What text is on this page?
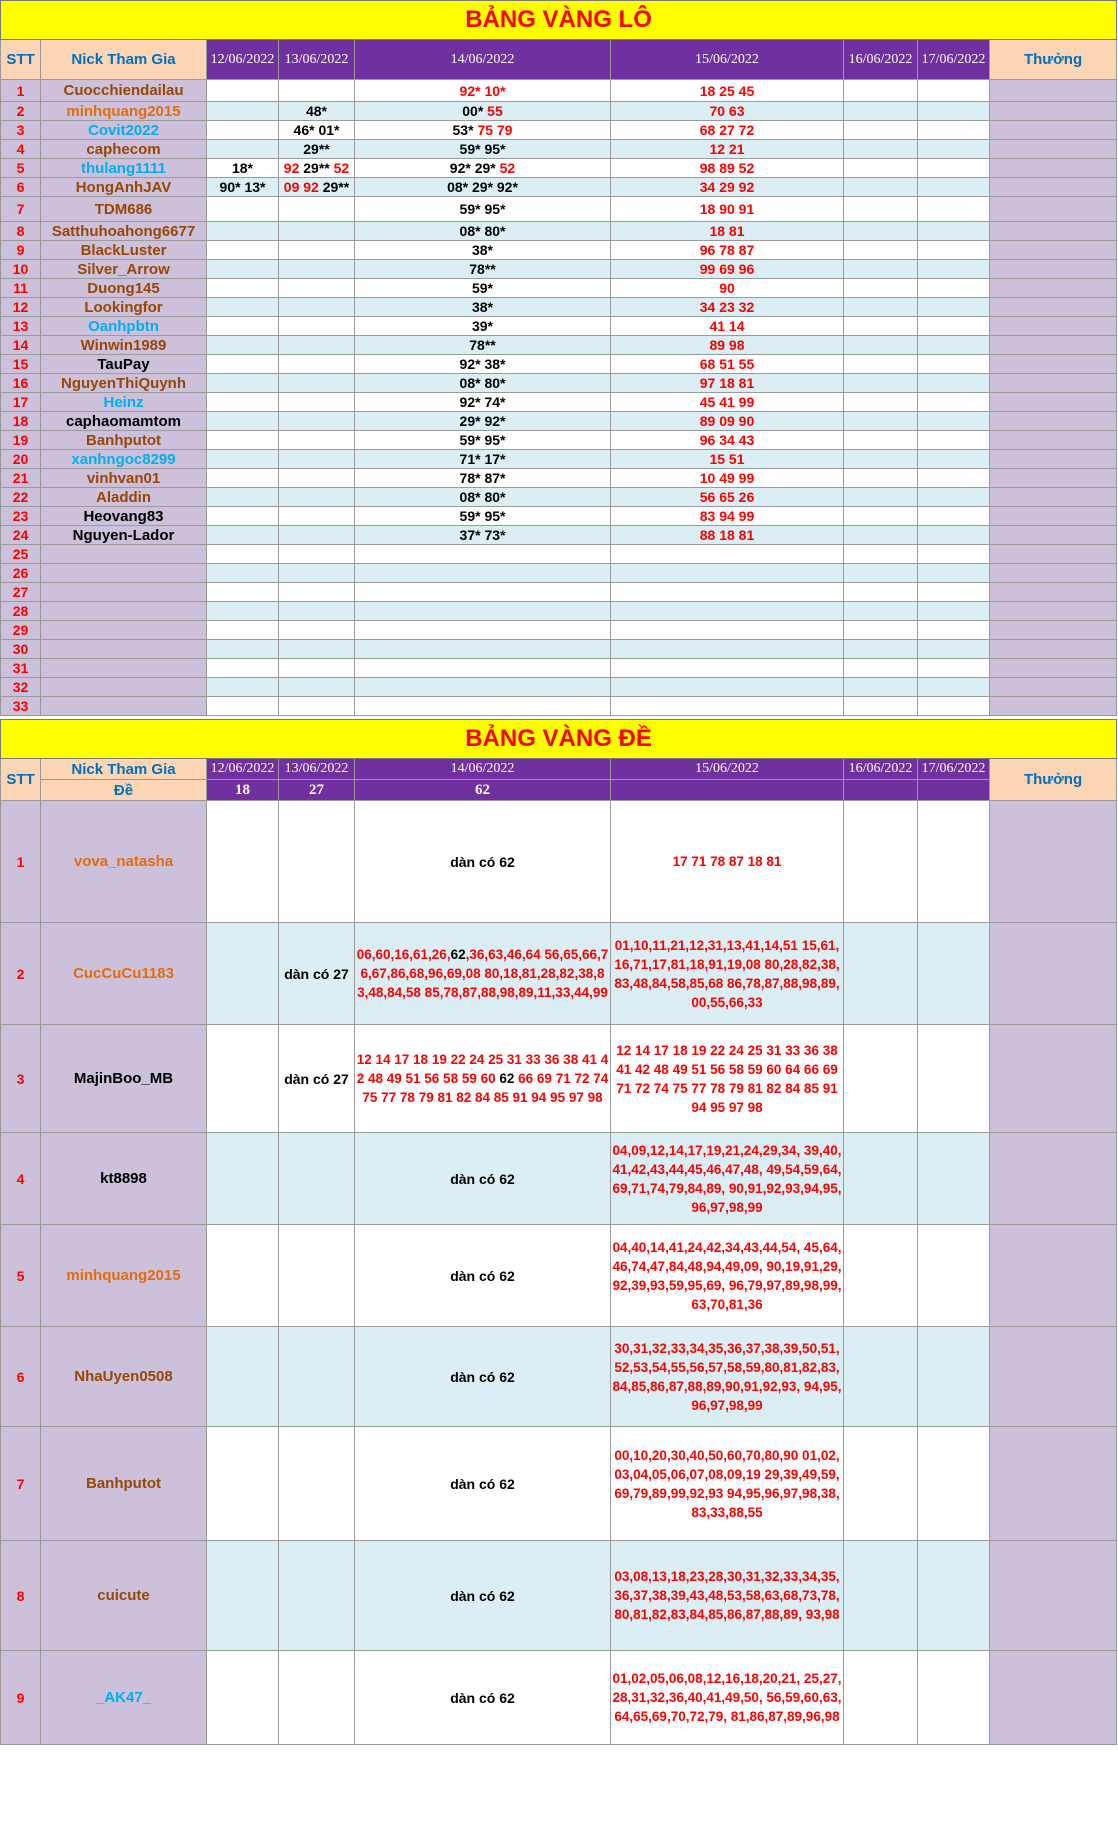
BẢNG VÀNG LÔ								
STT	Nick Tham Gia	12/06/2022	13/06/2022	14/06/2022	15/06/2022	16/06/2022	17/06/2022	Thưởng
1	Cuocchiendailau			92* 10*	18 25 45			
2	minhquang2015		48*	00* 55	70 63			
3	Covit2022		46* 01*	53* 75 79	68 27 72			
4	caphecom		29**	59* 95*	12 21			
5	thulang1111	18*	92 29** 52	92* 29* 52	98 89 52			
6	HongAnhJAV	90* 13*	09 92 29**	08* 29* 92*	34 29 92			
7	TDM686			59* 95*	18 90 91			
8	Satthuhoahong6677			08* 80*	18 81			
9	BlackLuster			38*	96 78 87			
10	Silver_Arrow			78**	99 69 96			
11	Duong145			59*	90			
12	Lookingfor			38*	34 23 32			
13	Oanhpbtn			39*	41 14			
14	Winwin1989			78**	89 98			
15	TauPay			92* 38*	68 51 55			
16	NguyenThiQuynh			08* 80*	97 18 81			
17	Heinz			92* 74*	45 41 99			
18	caphaomamtom			29* 92*	89 09 90			
19	Banhputot			59* 95*	96 34 43			
20	xanhngoc8299			71* 17*	15 51			
21	vinhvan01			78* 87*	10 49 99			
22	Aladdin			08* 80*	56 65 26			
23	Heovang83			59* 95*	83 94 99			
24	Nguyen-Lador			37* 73*	88 18 81			
25								
26								
27								
28								
29								
30								
31								
32								
33								
BẢNG VÀNG ĐỀ								
STT	Nick Tham Gia	12/06/2022	13/06/2022	14/06/2022	15/06/2022	16/06/2022	17/06/2022	Thưởng
	Đề	18	27	62				
1	vova_natasha			dàn có 62	17 71 78 87 18 81			
2	CucCuCu1183		dàn có 27	06,60,16,61,26,62,36,63,46,64 56,65,66,76,67,86,68,96,69,08 80,18,81,28,82,38,83,48,84,58 85,78,87,88,98,89,11,33,44,99	01,10,11,21,12,31,13,41,14,51 15,61,16,71,17,81,18,91,19,08 80,28,82,38,83,48,84,58,85,68 86,78,87,88,98,89,00,55,66,33			
3	MajinBoo_MB		dàn có 27	12 14 17 18 19 22 24 25 31 33 36 38 41 42 48 49 51 56 58 59 60 62 66 69 71 72 74 75 77 78 79 81 82 84 85 91 94 95 97 98	12 14 17 18 19 22 24 25 31 33 36 38 41 42 48 49 51 56 58 59 60 64 66 69 71 72 74 75 77 78 79 81 82 84 85 91 94 95 97 98			
4	kt8898			dàn có 62	04,09,12,14,17,19,21,24,29,34, 39,40,41,42,43,44,45,46,47,48, 49,54,59,64,69,71,74,79,84,89, 90,91,92,93,94,95,96,97,98,99			
5	minhquang2015			dàn có 62	04,40,14,41,24,42,34,43,44,54, 45,64,46,74,47,84,48,94,49,09, 90,19,91,29,92,39,93,59,95,69, 96,79,97,89,98,99,63,70,81,36			
6	NhaUyen0508			dàn có 62	30,31,32,33,34,35,36,37,38,39,50,51,52,53,54,55,56,57,58,59,80,81,82,83,84,85,86,87,88,89,90,91,92,93, 94,95,96,97,98,99			
7	Banhputot			dàn có 62	00,10,20,30,40,50,60,70,80,90 01,02,03,04,05,06,07,08,09,19 29,39,49,59,69,79,89,99,92,93 94,95,96,97,98,38,83,33,88,55			
8	cuicute			dàn có 62	03,08,13,18,23,28,30,31,32,33,34,35,36,37,38,39,43,48,53,58,63,68,73,78,80,81,82,83,84,85,86,87,88,89, 93,98			
9	_AK47_			dàn có 62	01,02,05,06,08,12,16,18,20,21, 25,27,28,31,32,36,40,41,49,50, 56,59,60,63,64,65,69,70,72,79, 81,86,87,89,96,98			
